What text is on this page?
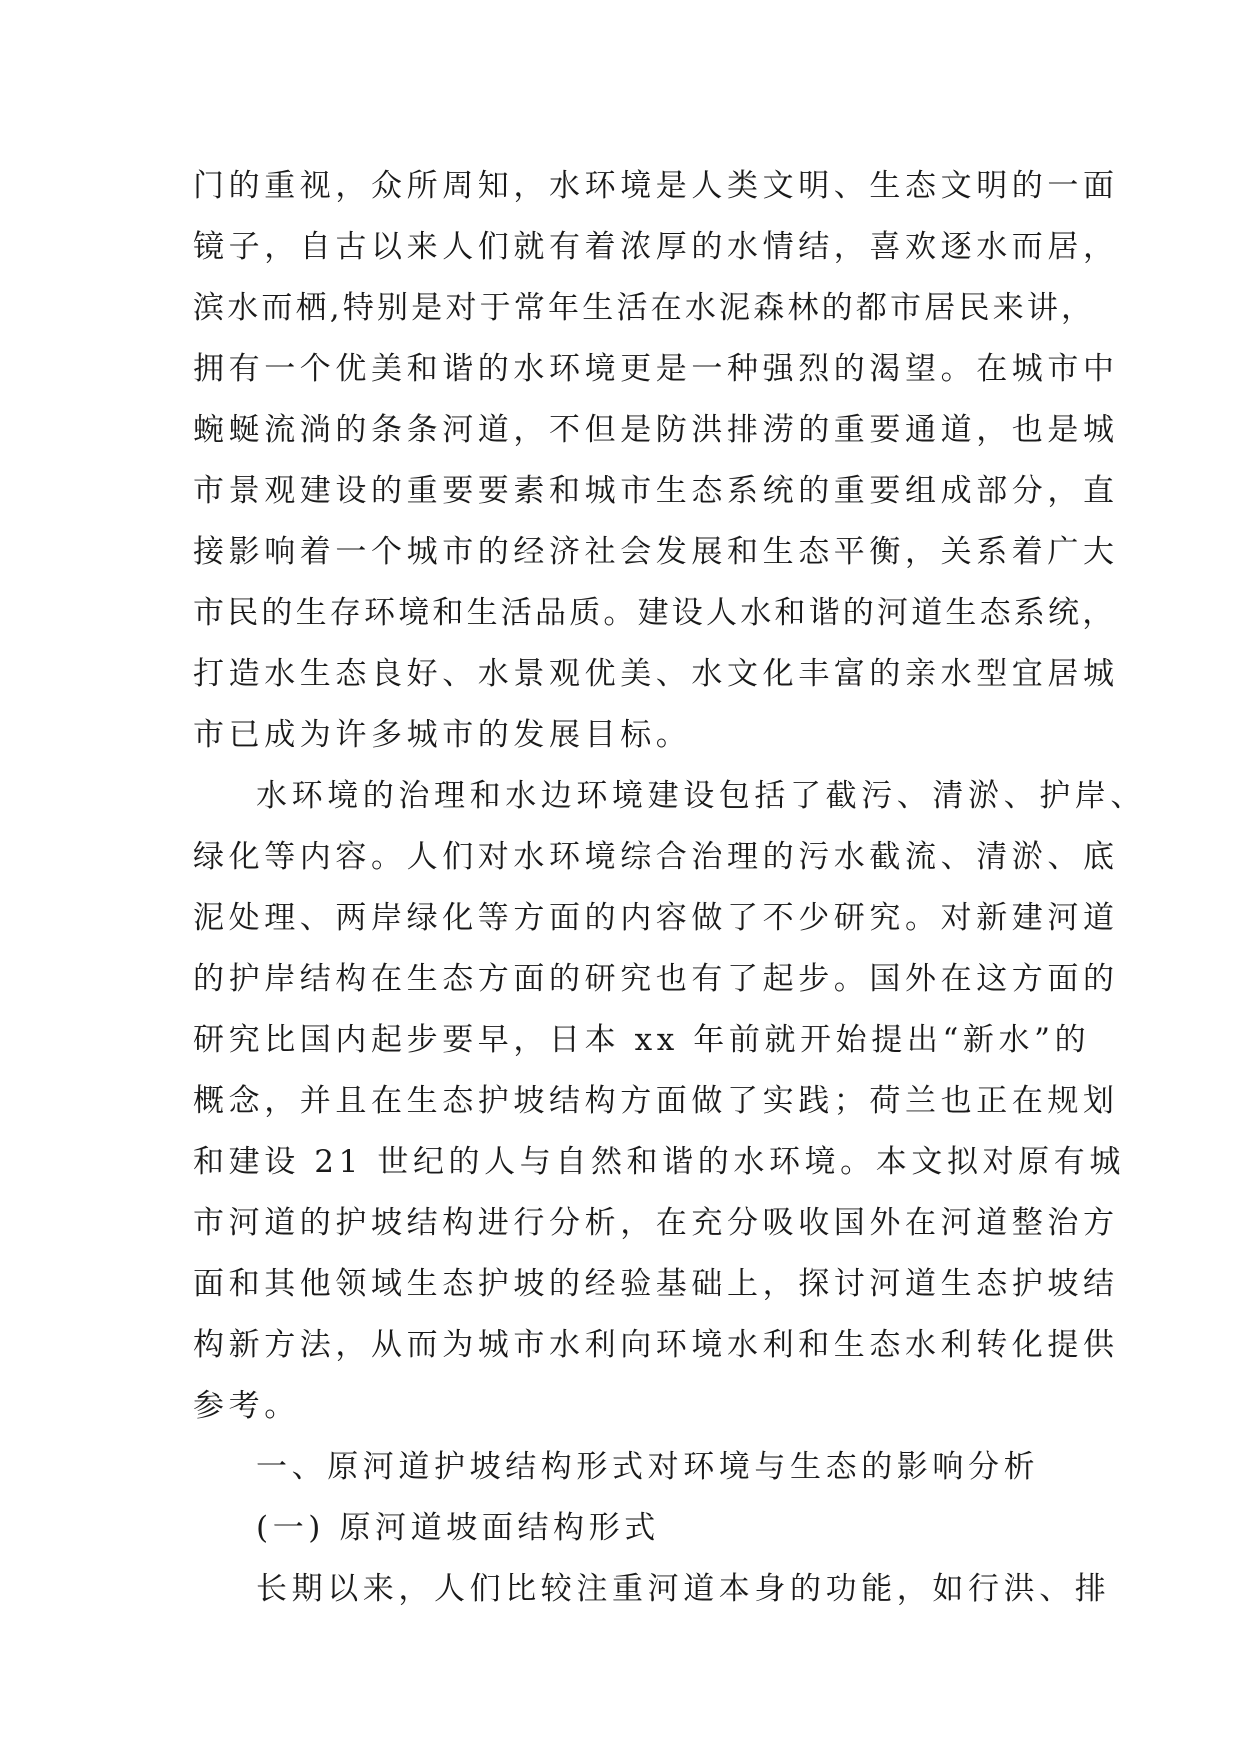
门的重视，众所周知，水环境是人类文明、生态文明的一面
镜子，自古以来人们就有着浓厚的水情结，喜欢逐水而居，
滨水而栖,特别是对于常年生活在水泥森林的都市居民来讲，
拥有一个优美和谐的水环境更是一种强烈的渴望。在城市中
蜿蜒流淌的条条河道，不但是防洪排涝的重要通道，也是城
市景观建设的重要要素和城市生态系统的重要组成部分，直
接影响着一个城市的经济社会发展和生态平衡，关系着广大
市民的生存环境和生活品质。建设人水和谐的河道生态系统，
打造水生态良好、水景观优美、水文化丰富的亲水型宜居城
市已成为许多城市的发展目标。
水环境的治理和水边环境建设包括了截污、清淤、护岸、
绿化等内容。人们对水环境综合治理的污水截流、清淤、底
泥处理、两岸绿化等方面的内容做了不少研究。对新建河道
的护岸结构在生态方面的研究也有了起步。国外在这方面的
研究比国内起步要早，日本 xx 年前就开始提出“新水”的
概念，并且在生态护坡结构方面做了实践；荷兰也正在规划
和建设 21 世纪的人与自然和谐的水环境。本文拟对原有城
市河道的护坡结构进行分析，在充分吸收国外在河道整治方
面和其他领域生态护坡的经验基础上，探讨河道生态护坡结
构新方法，从而为城市水利向环境水利和生态水利转化提供
参考。
一、原河道护坡结构形式对环境与生态的影响分析
(一) 原河道坡面结构形式
长期以来，人们比较注重河道本身的功能，如行洪、排
